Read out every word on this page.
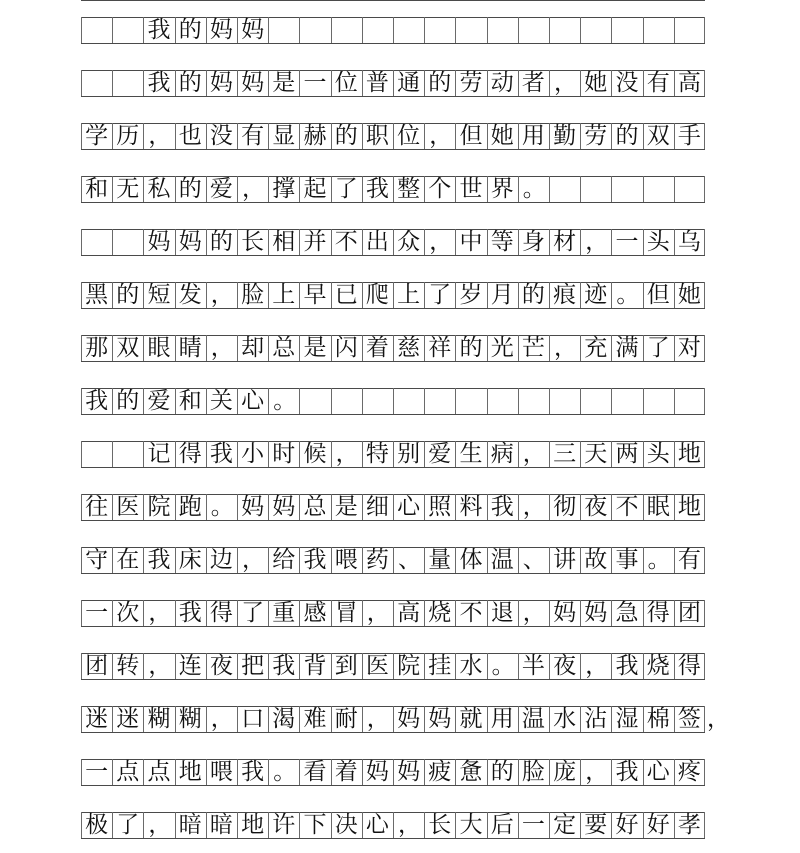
我 的 妈 妈
我 的 妈 妈 是 一 位 普 通 的 劳 动 者 ， 她 没 有 高
学 历 ， 也 没 有 显 赫 的 职 位 ， 但 她 用 勤 劳 的 双 手
和 无 私 的 爱 ， 撑 起 了 我 整 个 世 界 。
妈 妈 的 长 相 并 不 出 众 ， 中 等 身 材 ， 一 头 乌
黑 的 短 发 ， 脸 上 早 已 爬 上 了 岁 月 的 痕 迹 。 但 她
那 双 眼 睛 ， 却 总 是 闪 着 慈 祥 的 光 芒 ， 充 满 了 对
我 的 爱 和 关 心 。
记 得 我 小 时 候 ， 特 别 爱 生 病 ， 三 天 两 头 地
往 医 院 跑 。 妈 妈 总 是 细 心 照 料 我 ， 彻 夜 不 眠 地
守 在 我 床 边 ， 给 我 喂 药 、 量 体 温 、 讲 故 事 。 有
一 次 ， 我 得 了 重 感 冒 ， 高 烧 不 退 ， 妈 妈 急 得 团
团 转 ， 连 夜 把 我 背 到 医 院 挂 水 。 半 夜 ， 我 烧 得
迷 迷 糊 糊 ， 口 渴 难 耐 ， 妈 妈 就 用 温 水 沾 湿 棉 签 ，
一 点 点 地 喂 我 。 看 着 妈 妈 疲 惫 的 脸 庞 ， 我 心 疼
极 了 ， 暗 暗 地 许 下 决 心 ， 长 大 后 一 定 要 好 好 孝
